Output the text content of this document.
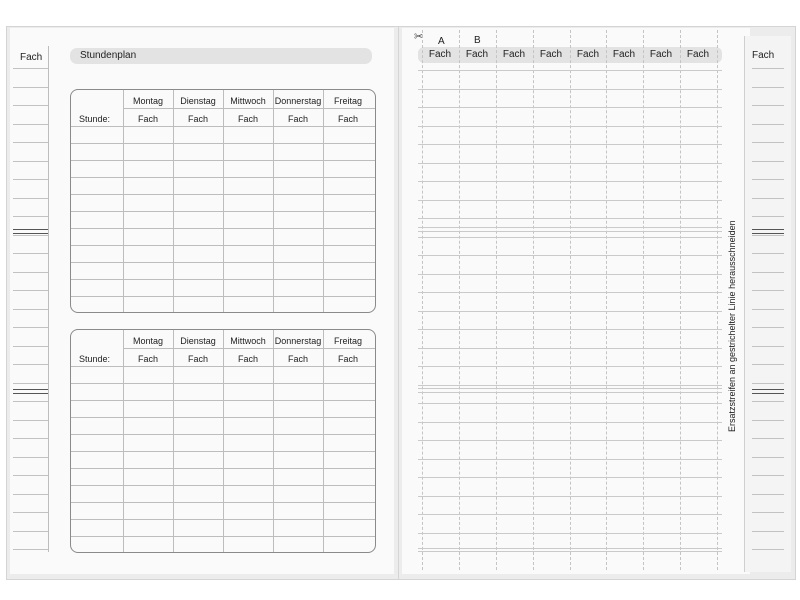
Fach	Stundenplan
Montag	Dienstag	Mittwoch Donnerstag	Freitag
Stunde:	Fach	Fach	Fach	Fach	Fach
Montag	Dienstag	Mittwoch Donnerstag	Freitag
Stunde:	Fach	Fach	Fach	Fach	Fach
✂ A	B
Fach	Fach	Fach	Fach	Fach	Fach	Fach	Fach	Fach
Ersatzstreifen an gestrichelter Linie herausschneiden
